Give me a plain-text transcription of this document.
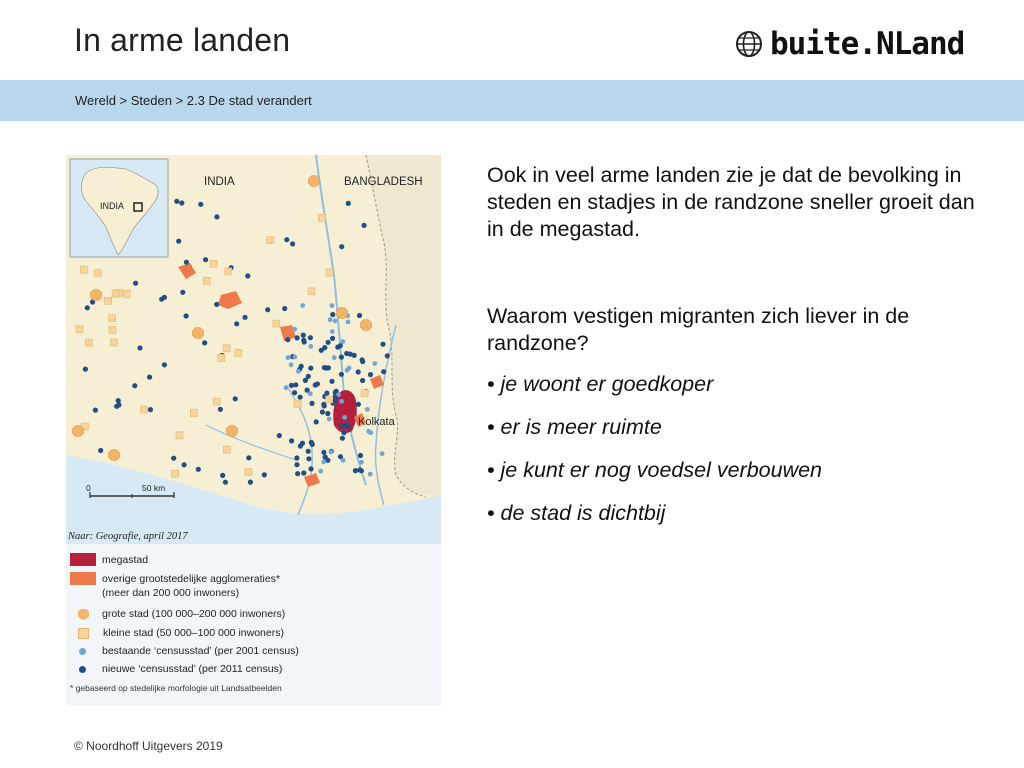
In arme landen	buite.NLand
Wereld > Steden > 2.3 De stad verandert
INDIA	BANGLADESH
INDIA
Kolkata
0	50 km
Naar: Geografie, april 2017
megastad
overige grootstedelijke agglomeraties*
(meer dan 200 000 inwoners)
grote stad (100 000–200 000 inwoners)
kleine stad (50 000–100 000 inwoners)
bestaande ‘censusstad’ (per 2001 census)
nieuwe ‘censusstad’ (per 2011 census)
* gebaseerd op stedelijke morfologie uit Landsatbeelden
Ook in veel arme landen zie je dat de bevolking in steden en stadjes in de randzone sneller groeit dan in de megastad.
Waarom vestigen migranten zich liever in de randzone?
• je woont er goedkoper
• er is meer ruimte
• je kunt er nog voedsel verbouwen
• de stad is dichtbij
© Noordhoff Uitgevers 2019
